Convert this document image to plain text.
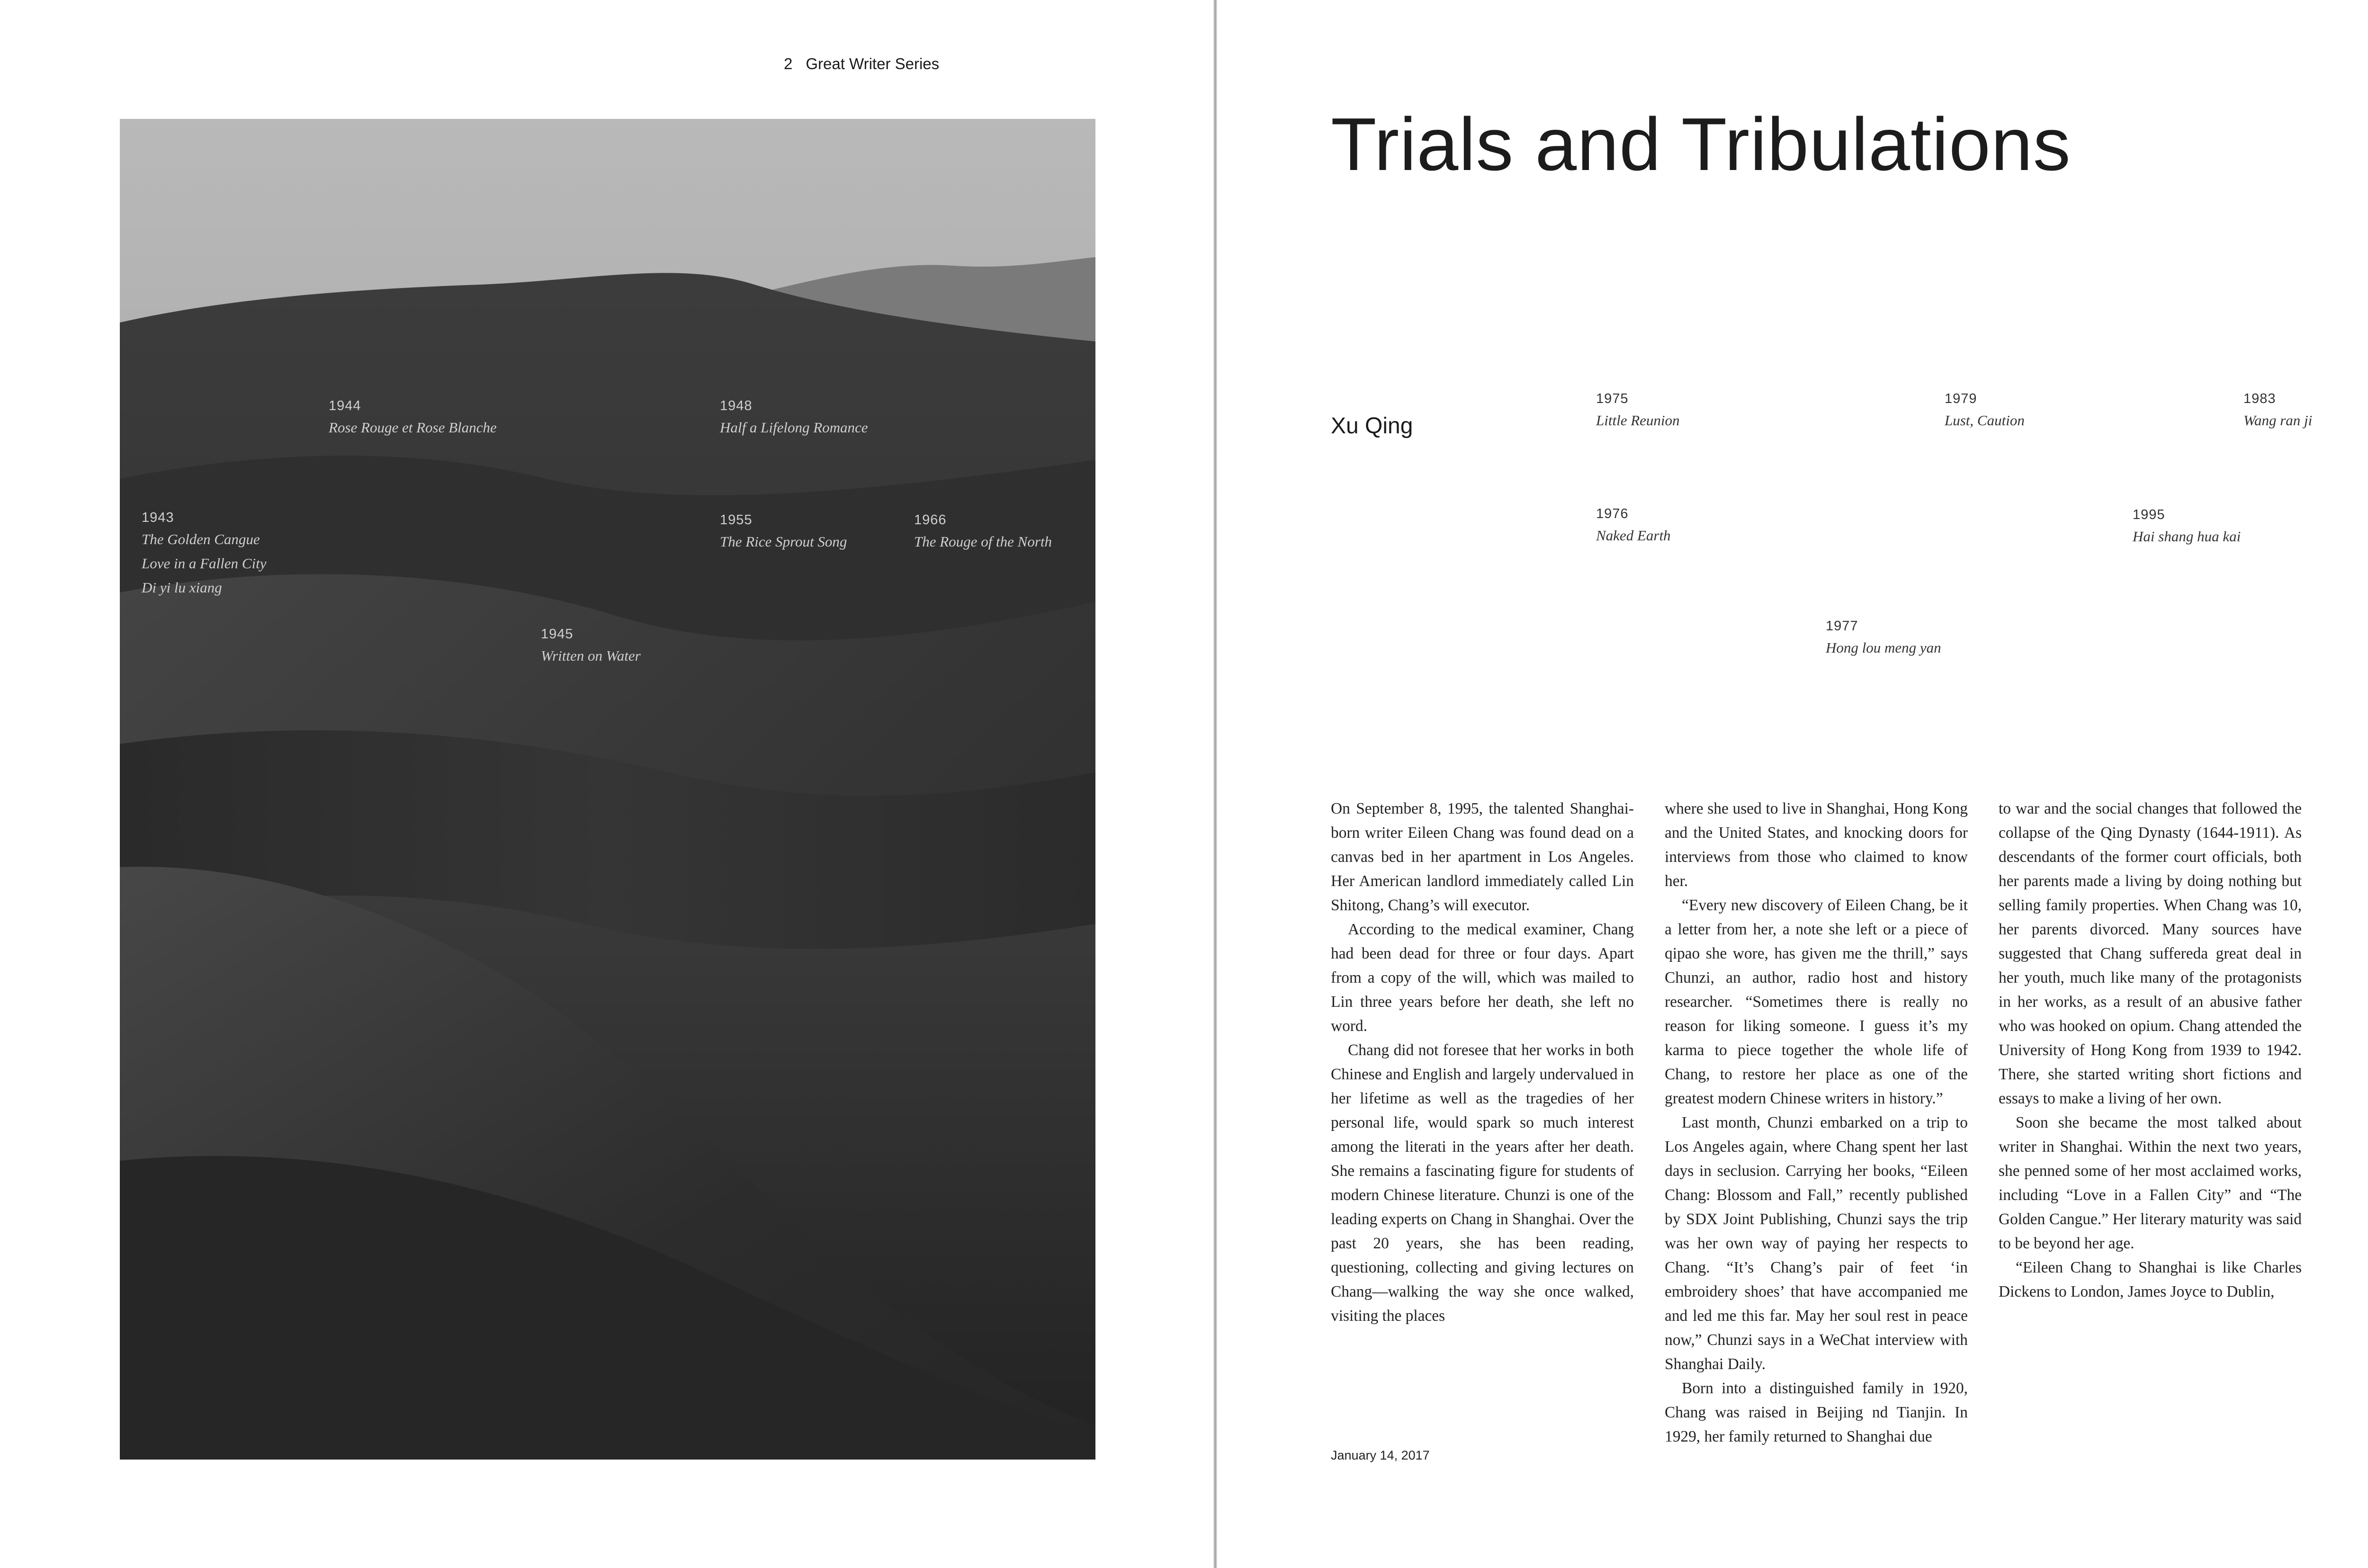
2 Great Writer Series
1943
The Golden Cangue
Love in a Fallen City
Di yi lu xiang
1944
Rose Rouge et Rose Blanche
1945
Written on Water
1948
Half a Lifelong Romance
1955
The Rice Sprout Song
1966
The Rouge of the North
Trials and Tribulations
Xu Qing
1975
Little Reunion
1976
Naked Earth
1977
Hong lou meng yan
1979
Lust, Caution
1983
Wang ran ji
1995
Hai shang hua kai

On September 8, 1995, the talented Shanghai-born writer Eileen Chang was found dead on a canvas bed in her apartment in Los Angeles. Her American landlord immediately called Lin Shitong, Chang’s will executor.

According to the medical examiner, Chang had been dead for three or four days. Apart from a copy of the will, which was mailed to Lin three years before her death, she left no word.

Chang did not foresee that her works in both Chinese and English and largely undervalued in her lifetime as well as the tragedies of her personal life, would spark so much interest among the literati in the years after her death. She remains a fascinating figure for students of modern Chinese literature. Chunzi is one of the leading experts on Chang in Shanghai. Over the past 20 years, she has been reading, questioning, collecting and giving lectures on Chang—walking the way she once walked, visiting the places

where she used to live in Shanghai, Hong Kong and the United States, and knocking doors for interviews from those who claimed to know her.

“Every new discovery of Eileen Chang, be it a letter from her, a note she left or a piece of qipao she wore, has given me the thrill,” says Chunzi, an author, radio host and history researcher. “Sometimes there is really no reason for liking someone. I guess it’s my karma to piece together the whole life of Chang, to restore her place as one of the greatest modern Chinese writers in history.”

Last month, Chunzi embarked on a trip to Los Angeles again, where Chang spent her last days in seclusion. Carrying her books, “Eileen Chang: Blossom and Fall,” recently published by SDX Joint Publishing, Chunzi says the trip was her own way of paying her respects to Chang. “It’s Chang’s pair of feet ‘in embroidery shoes’ that have accompanied me and led me this far. May her soul rest in peace now,” Chunzi says in a WeChat interview with Shanghai Daily.

Born into a distinguished family in 1920, Chang was raised in Beijing nd Tianjin. In 1929, her family returned to Shanghai due

to war and the social changes that followed the collapse of the Qing Dynasty (1644-1911). As descendants of the former court officials, both her parents made a living by doing nothing but selling family properties. When Chang was 10, her parents divorced. Many sources have suggested that Chang suffereda great deal in her youth, much like many of the protagonists in her works, as a result of an abusive father who was hooked on opium. Chang attended the University of Hong Kong from 1939 to 1942. There, she started writing short fictions and essays to make a living of her own.

Soon she became the most talked about writer in Shanghai. Within the next two years, she penned some of her most acclaimed works, including “Love in a Fallen City” and “The Golden Cangue.” Her literary maturity was said to be beyond her age.

“Eileen Chang to Shanghai is like Charles Dickens to London, James Joyce to Dublin,

January 14, 2017
